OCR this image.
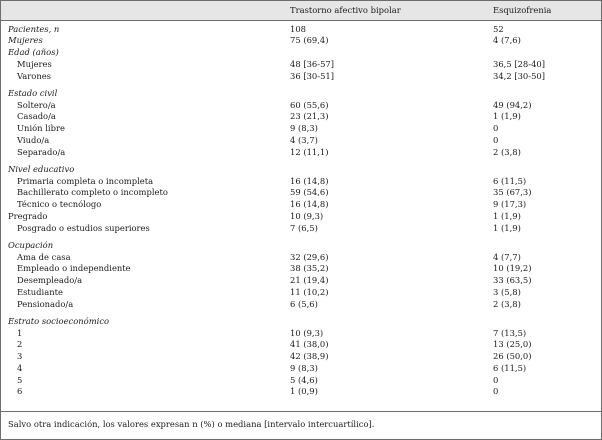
Trastorno afectivo bipolar	Esquizofrenia
Pacientes, n	108	52
Mujeres	75 (69,4)	4 (7,6)
Edad (años)
Mujeres	48 [36-57]	36,5 [28-40]
Varones	36 [30-51]	34,2 [30-50]
Estado civil
Soltero/a	60 (55,6)	49 (94,2)
Casado/a	23 (21,3)	1 (1,9)
Unión libre	9 (8,3)	0
Viudo/a	4 (3,7)	0
Separado/a	12 (11,1)	2 (3,8)
Nivel educativo
Primaria completa o incompleta	16 (14,8)	6 (11,5)
Bachillerato completo o incompleto	59 (54,6)	35 (67,3)
Técnico o tecnólogo	16 (14,8)	9 (17,3)
Pregrado	10 (9,3)	1 (1,9)
Posgrado o estudios superiores	7 (6,5)	1 (1,9)
Ocupación
Ama de casa	32 (29,6)	4 (7,7)
Empleado o independiente	38 (35,2)	10 (19,2)
Desempleado/a	21 (19,4)	33 (63,5)
Estudiante	11 (10,2)	3 (5,8)
Pensionado/a	6 (5,6)	2 (3,8)
Estrato socioeconómico
1	10 (9,3)	7 (13,5)
2	41 (38,0)	13 (25,0)
3	42 (38,9)	26 (50,0)
4	9 (8,3)	6 (11,5)
5	5 (4,6)	0
6	1 (0,9)	0
Salvo otra indicación, los valores expresan n (%) o mediana [intervalo intercuartílico].
